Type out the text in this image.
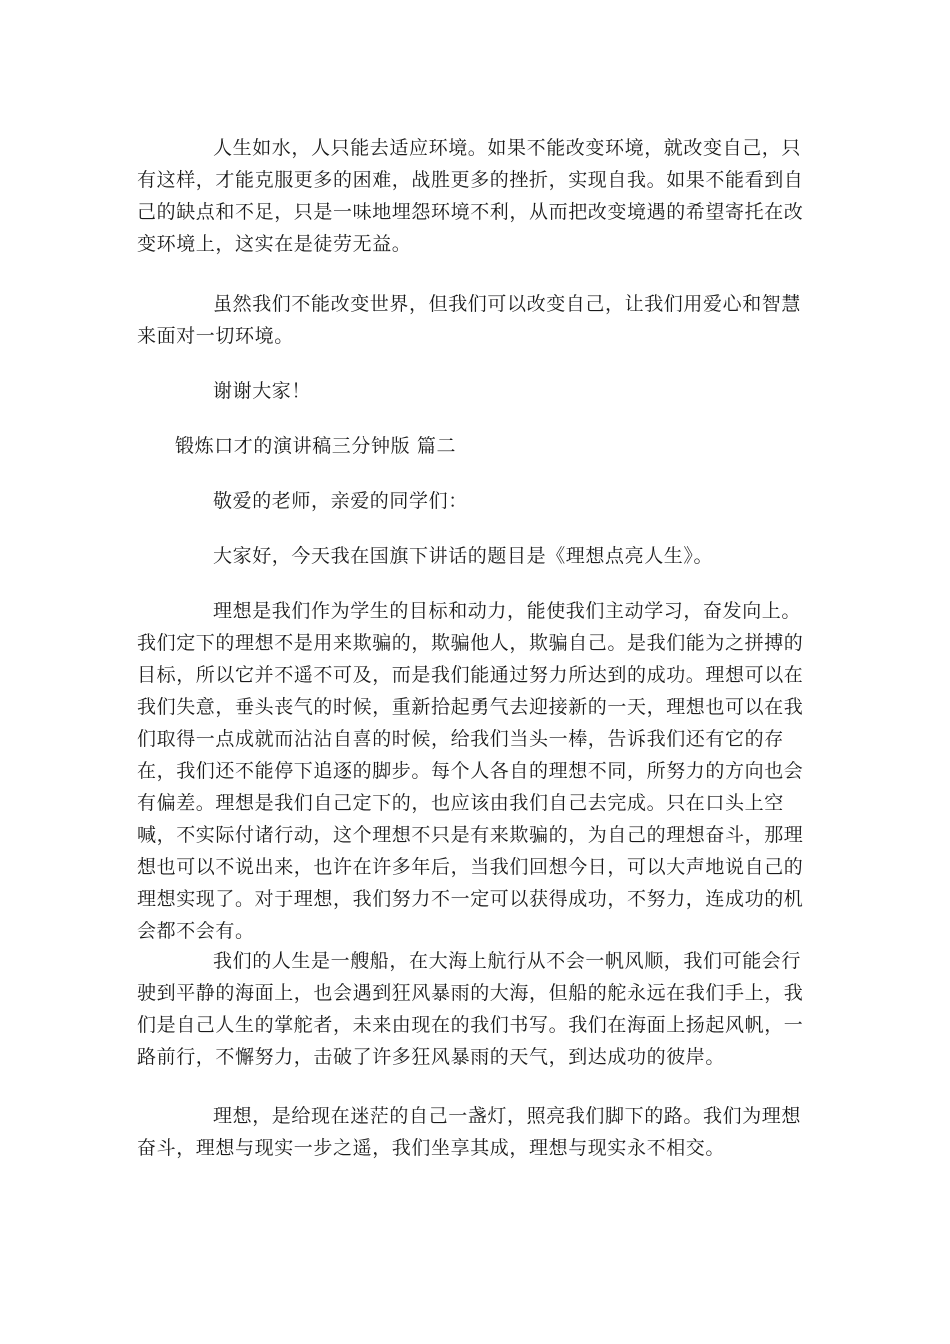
人生如水，人只能去适应环境。如果不能改变环境，就改变自己，只有这样，才能克服更多的困难，战胜更多的挫折，实现自我。如果不能看到自己的缺点和不足，只是一味地埋怨环境不利，从而把改变境遇的希望寄托在改变环境上，这实在是徒劳无益。

虽然我们不能改变世界，但我们可以改变自己，让我们用爱心和智慧来面对一切环境。

谢谢大家！

锻炼口才的演讲稿三分钟版 篇二

敬爱的老师，亲爱的同学们：

大家好，今天我在国旗下讲话的题目是《理想点亮人生》。

理想是我们作为学生的目标和动力，能使我们主动学习，奋发向上。我们定下的理想不是用来欺骗的，欺骗他人，欺骗自己。是我们能为之拼搏的目标，所以它并不遥不可及，而是我们能通过努力所达到的成功。理想可以在我们失意，垂头丧气的时候，重新拾起勇气去迎接新的一天，理想也可以在我们取得一点成就而沾沾自喜的时候，给我们当头一棒，告诉我们还有它的存在，我们还不能停下追逐的脚步。每个人各自的理想不同，所努力的方向也会有偏差。理想是我们自己定下的，也应该由我们自己去完成。只在口头上空喊，不实际付诸行动，这个理想不只是有来欺骗的，为自己的理想奋斗，那理想也可以不说出来，也许在许多年后，当我们回想今日，可以大声地说自己的理想实现了。对于理想，我们努力不一定可以获得成功，不努力，连成功的机会都不会有。

我们的人生是一艘船，在大海上航行从不会一帆风顺，我们可能会行驶到平静的海面上，也会遇到狂风暴雨的大海，但船的舵永远在我们手上，我们是自己人生的掌舵者，未来由现在的我们书写。我们在海面上扬起风帆，一路前行，不懈努力，击破了许多狂风暴雨的天气，到达成功的彼岸。

理想，是给现在迷茫的自己一盏灯，照亮我们脚下的路。我们为理想奋斗，理想与现实一步之遥，我们坐享其成，理想与现实永不相交。
